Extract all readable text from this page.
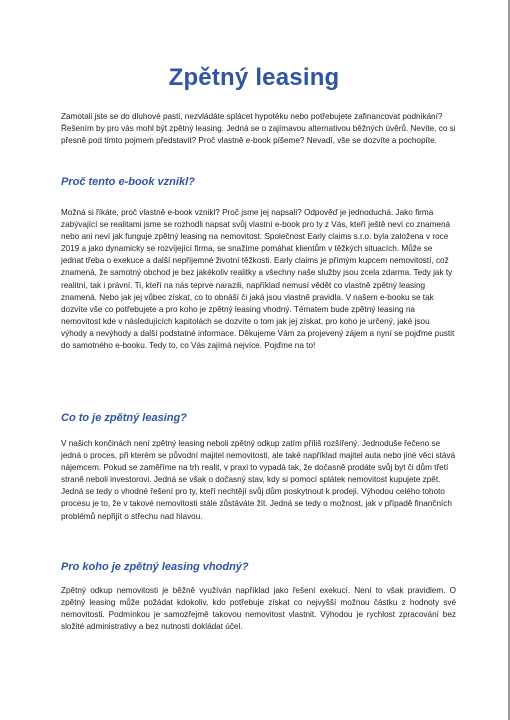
Zpětný leasing

Zamotali jste se do dluhové pasti, nezvládáte splácet hypotéku nebo potřebujete zafinancovat podnikání? Řešením by pro vás mohl být zpětný leasing. Jedná se o zajímavou alternativou běžných úvěrů. Nevíte, co si přesně pod tímto pojmem představit? Proč vlastně e-book píšeme? Nevadí, vše se dozvíte a pochopíte.

Proč tento e-book vznikl?

Možná si říkáte, proč vlastně e-book vznikl? Proč jsme jej napsali? Odpověď je jednoduchá. Jako firma zabývající se realitami jsme se rozhodli napsat svůj vlastní e-book pro ty z Vás, kteří ještě neví co znamená nebo ani neví jak funguje zpětný leasing na nemovitost. Společnost Early claims s.r.o. byla založena v roce 2019 a jako dynamicky se rozvíjející firma, se snažíme pomáhat klientům v těžkých situacích. Může se jednat třeba o exekuce a další nepříjemné životní těžkosti. Early claims je přímým kupcem nemovitostí, což znamená, že samotný obchod je bez jakékoliv realitky a všechny naše služby jsou zcela zdarma. Tedy jak ty realitní, tak i právní. Ti, kteří na nás teprve narazili, například nemusí vědět co vlastně zpětný leasing znamená. Nebo jak jej vůbec získat, co to obnáší či jaká jsou vlastně pravidla. V našem e-booku se tak dozvíte vše co potřebujete a pro koho je zpětný leasing vhodný. Tématem bude zpětný leasing na nemovitost kde v následujících kapitolách se dozvíte o tom jak jej získat, pro koho je určený, jaké jsou výhody a nevýhody a další podstatné informace. Děkujeme Vám za projevený zájem a nyní se pojďme pustit do samotného e-booku. Tedy to, co Vás zajímá nejvíce. Pojďme na to!

Co to je zpětný leasing?

V našich končinách není zpětný leasing neboli zpětný odkup zatím příliš rozšířený. Jednoduše řečeno se jedná o proces, při kterém se původní majitel nemovitosti, ale také například majitel auta nebo jiné věci stává nájemcem. Pokud se zaměříme na trh realit, v praxi to vypadá tak, že dočasně prodáte svůj byt či dům třetí straně neboli investorovi. Jedná se však o dočasný stav, kdy si pomocí splátek nemovitost kupujete zpět. Jedná se tedy o vhodné řešení pro ty, kteří nechtějí svůj dům poskytnout k prodeji. Výhodou celého tohoto procesu je to, že v takové nemovitosti stále zůstáváte žít. Jedná se tedy o možnost, jak v případě finančních problémů nepřijít o střechu nad hlavou.

Pro koho je zpětný leasing vhodný?

Zpětný odkup nemovitosti je běžně využíván například jako řešení exekucí. Není to však pravidlem. O zpětný leasing může požádat kdokoliv, kdo potřebuje získat co nejvyšší možnou částku z hodnoty své nemovitosti. Podmínkou je samozřejmě takovou nemovitost vlastnit. Výhodou je rychlost zpracování bez složité administrativy a bez nutnosti dokládat účel.
